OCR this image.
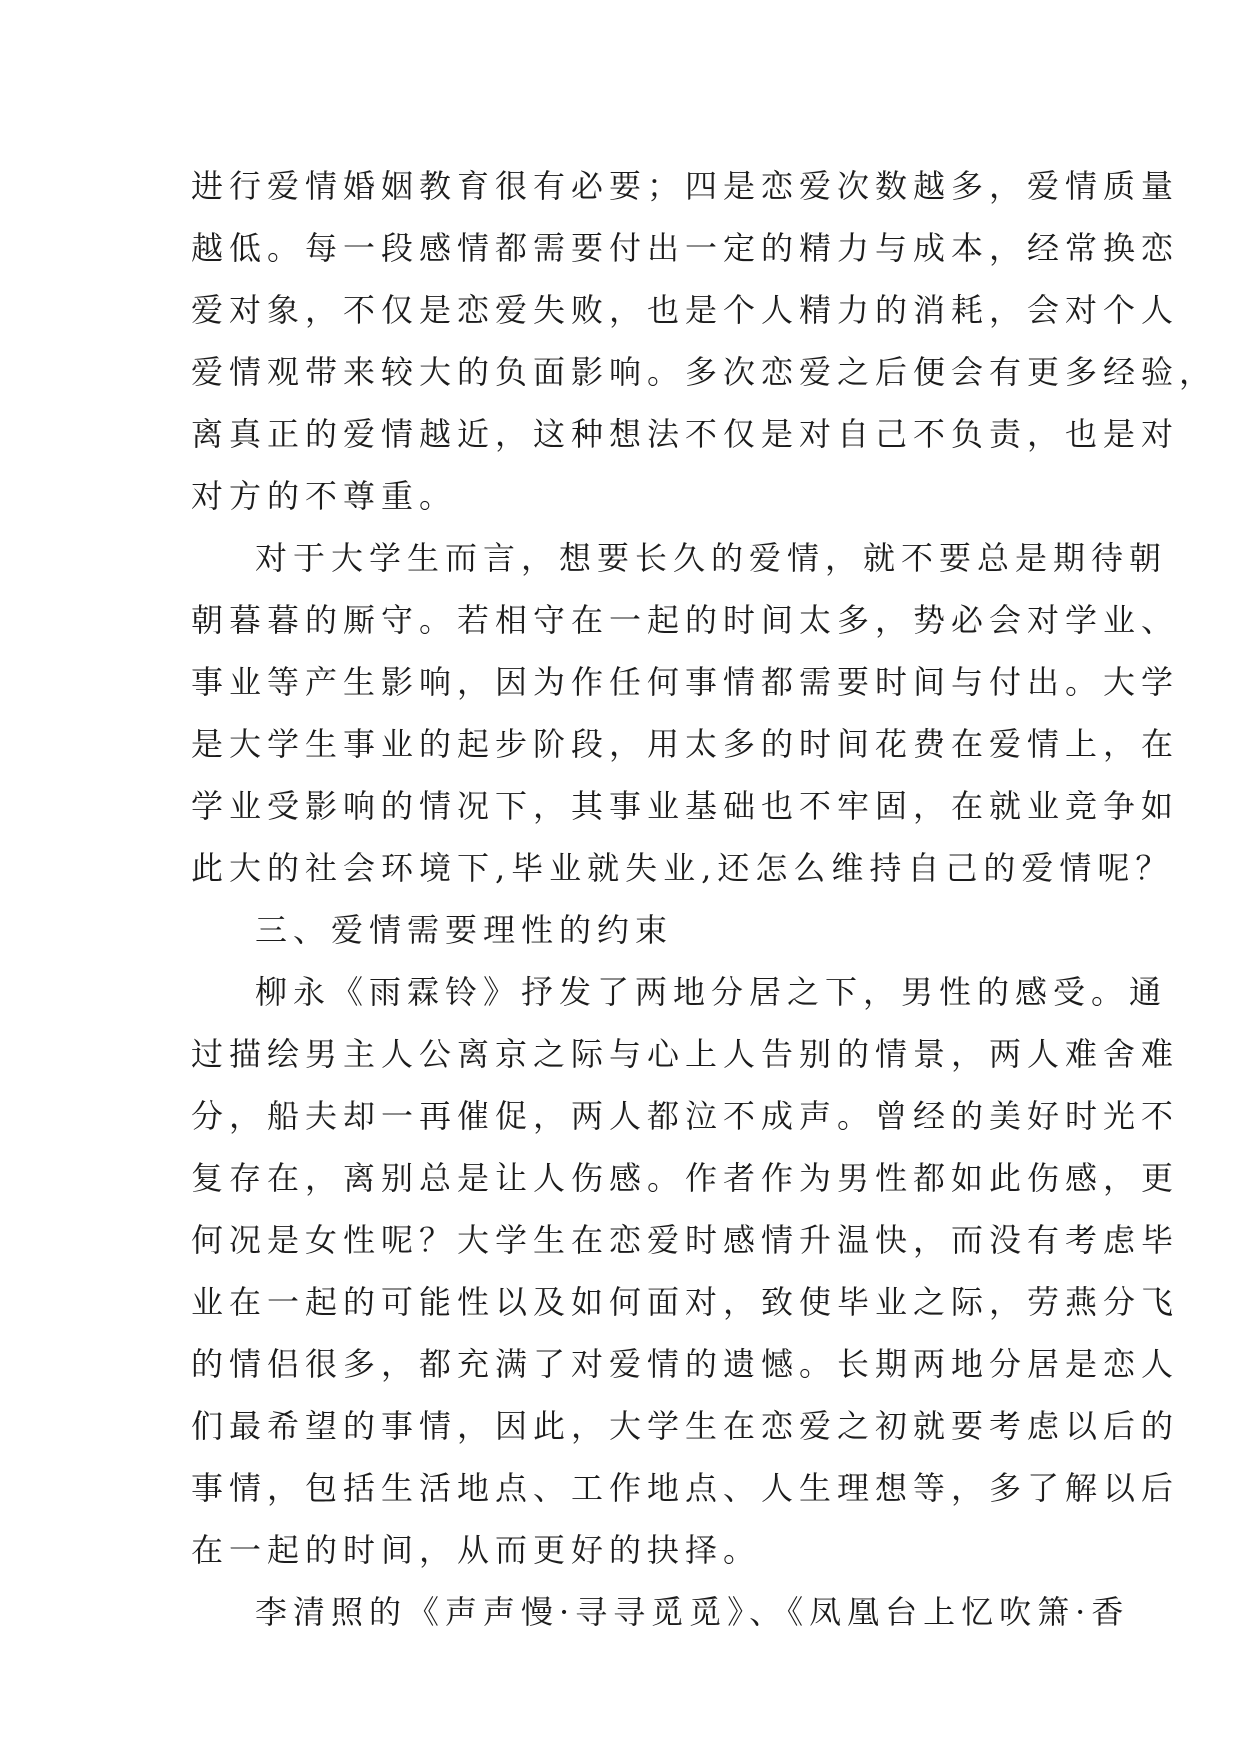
进行爱情婚姻教育很有必要；四是恋爱次数越多，爱情质量
越低。每一段感情都需要付出一定的精力与成本，经常换恋
爱对象，不仅是恋爱失败，也是个人精力的消耗，会对个人
爱情观带来较大的负面影响。多次恋爱之后便会有更多经验，
离真正的爱情越近，这种想法不仅是对自己不负责，也是对
对方的不尊重。
对于大学生而言，想要长久的爱情，就不要总是期待朝
朝暮暮的厮守。若相守在一起的时间太多，势必会对学业、
事业等产生影响，因为作任何事情都需要时间与付出。大学
是大学生事业的起步阶段，用太多的时间花费在爱情上，在
学业受影响的情况下，其事业基础也不牢固，在就业竞争如
此大的社会环境下,毕业就失业,还怎么维持自己的爱情呢？
三、爱情需要理性的约束
柳永《雨霖铃》抒发了两地分居之下，男性的感受。通
过描绘男主人公离京之际与心上人告别的情景，两人难舍难
分，船夫却一再催促，两人都泣不成声。曾经的美好时光不
复存在，离别总是让人伤感。作者作为男性都如此伤感，更
何况是女性呢？大学生在恋爱时感情升温快，而没有考虑毕
业在一起的可能性以及如何面对，致使毕业之际，劳燕分飞
的情侣很多，都充满了对爱情的遗憾。长期两地分居是恋人
们最希望的事情，因此，大学生在恋爱之初就要考虑以后的
事情，包括生活地点、工作地点、人生理想等，多了解以后
在一起的时间，从而更好的抉择。
李清照的《声声慢·寻寻觅觅》、《凤凰台上忆吹箫·香
